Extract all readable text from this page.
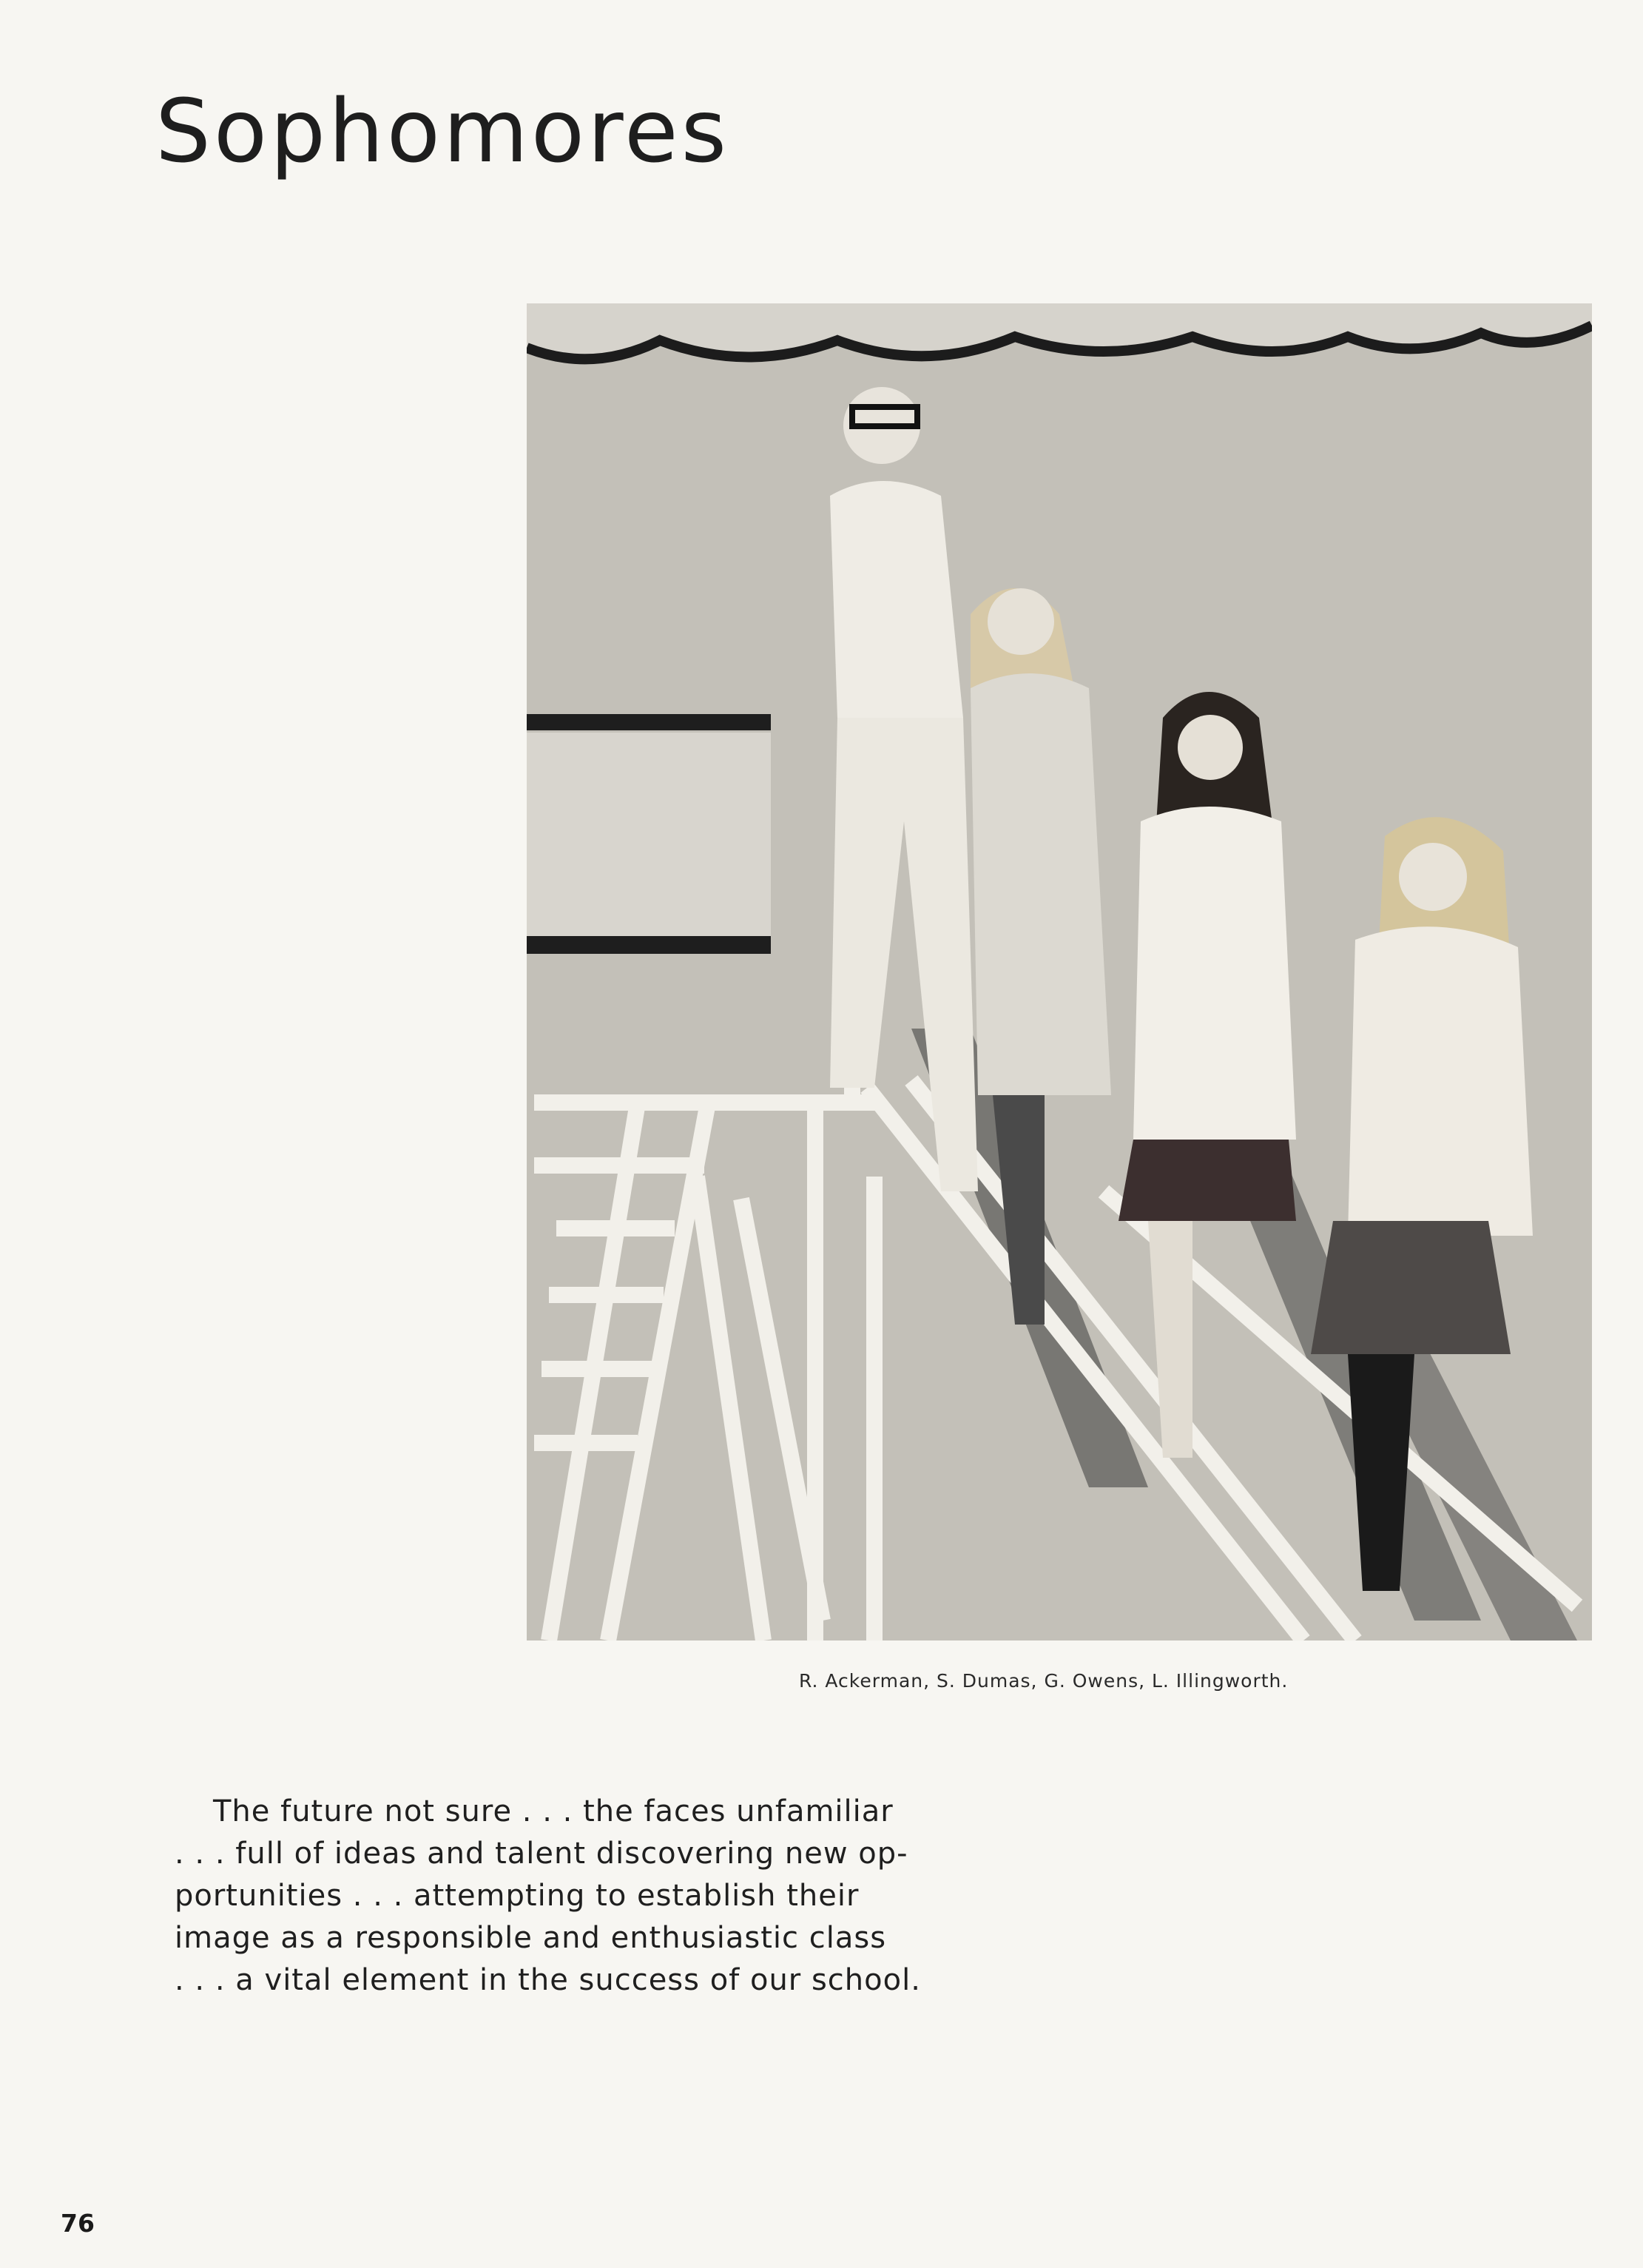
Sophomores
R. Ackerman, S. Dumas, G. Owens, L. Illingworth.
The future not sure . . . the faces unfamiliar
. . . full of ideas and talent discovering new op-
portunities . . . attempting to establish their
image as a responsible and enthusiastic class
. . . a vital element in the success of our school.
76
